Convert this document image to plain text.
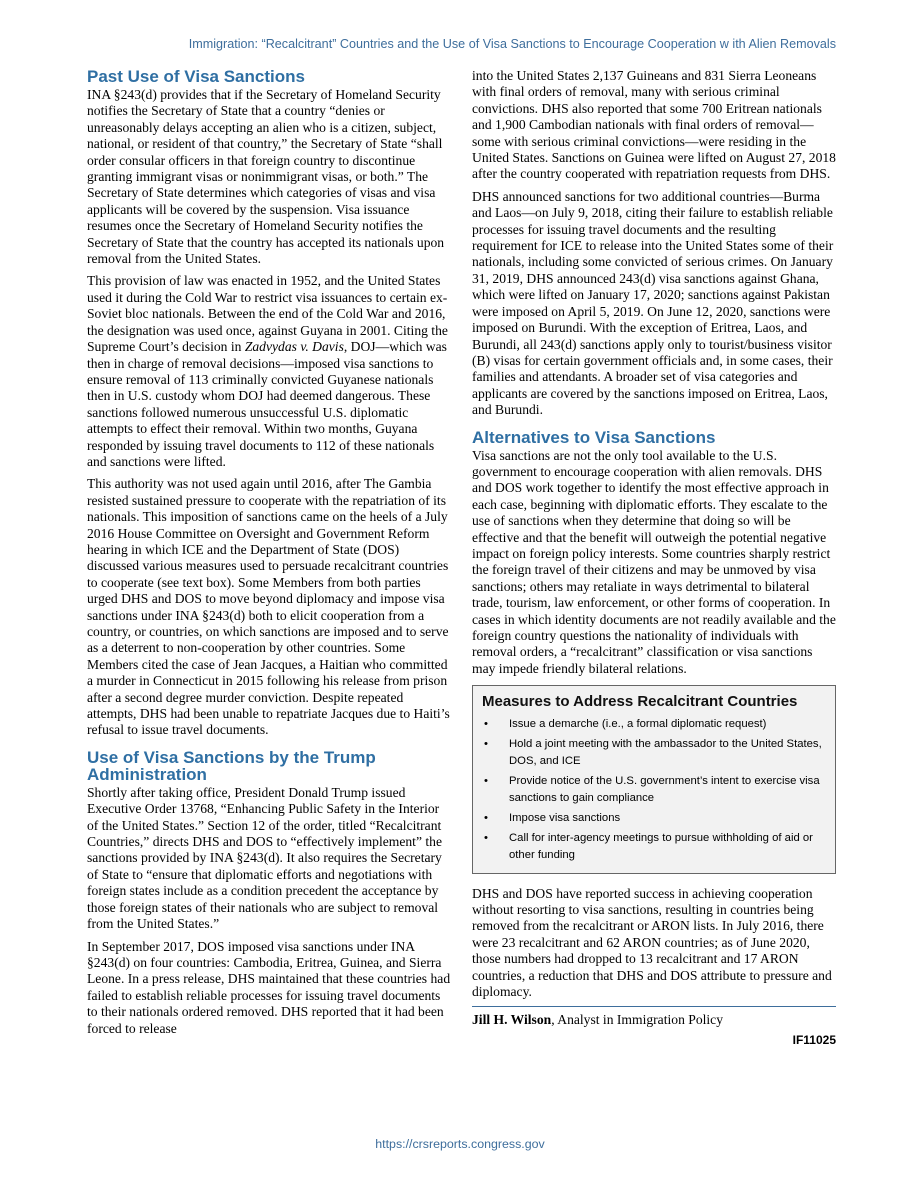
Immigration: “Recalcitrant” Countries and the Use of Visa Sanctions to Encourage Cooperation w ith Alien Removals
Past Use of Visa Sanctions

INA §243(d) provides that if the Secretary of Homeland Security notifies the Secretary of State that a country “denies or unreasonably delays accepting an alien who is a citizen, subject, national, or resident of that country,” the Secretary of State “shall order consular officers in that foreign country to discontinue granting immigrant visas or nonimmigrant visas, or both.” The Secretary of State determines which categories of visas and visa applicants will be covered by the suspension. Visa issuance resumes once the Secretary of Homeland Security notifies the Secretary of State that the country has accepted its nationals upon removal from the United States.

This provision of law was enacted in 1952, and the United States used it during the Cold War to restrict visa issuances to certain ex-Soviet bloc nationals. Between the end of the Cold War and 2016, the designation was used once, against Guyana in 2001. Citing the Supreme Court’s decision in Zadvydas v. Davis, DOJ—which was then in charge of removal decisions—imposed visa sanctions to ensure removal of 113 criminally convicted Guyanese nationals then in U.S. custody whom DOJ had deemed dangerous. These sanctions followed numerous unsuccessful U.S. diplomatic attempts to effect their removal. Within two months, Guyana responded by issuing travel documents to 112 of these nationals and sanctions were lifted.

This authority was not used again until 2016, after The Gambia resisted sustained pressure to cooperate with the repatriation of its nationals. This imposition of sanctions came on the heels of a July 2016 House Committee on Oversight and Government Reform hearing in which ICE and the Department of State (DOS) discussed various measures used to persuade recalcitrant countries to cooperate (see text box). Some Members from both parties urged DHS and DOS to move beyond diplomacy and impose visa sanctions under INA §243(d) both to elicit cooperation from a country, or countries, on which sanctions are imposed and to serve as a deterrent to non-cooperation by other countries. Some Members cited the case of Jean Jacques, a Haitian who committed a murder in Connecticut in 2015 following his release from prison after a second degree murder conviction. Despite repeated attempts, DHS had been unable to repatriate Jacques due to Haiti’s refusal to issue travel documents.

Use of Visa Sanctions by the Trump Administration

Shortly after taking office, President Donald Trump issued Executive Order 13768, “Enhancing Public Safety in the Interior of the United States.” Section 12 of the order, titled “Recalcitrant Countries,” directs DHS and DOS to “effectively implement” the sanctions provided by INA §243(d). It also requires the Secretary of State to “ensure that diplomatic efforts and negotiations with foreign states include as a condition precedent the acceptance by those foreign states of their nationals who are subject to removal from the United States.”

In September 2017, DOS imposed visa sanctions under INA §243(d) on four countries: Cambodia, Eritrea, Guinea, and Sierra Leone. In a press release, DHS maintained that these countries had failed to establish reliable processes for issuing travel documents to their nationals ordered removed. DHS reported that it had been forced to release

into the United States 2,137 Guineans and 831 Sierra Leoneans with final orders of removal, many with serious criminal convictions. DHS also reported that some 700 Eritrean nationals and 1,900 Cambodian nationals with final orders of removal—some with serious criminal convictions—were residing in the United States. Sanctions on Guinea were lifted on August 27, 2018 after the country cooperated with repatriation requests from DHS.

DHS announced sanctions for two additional countries—Burma and Laos—on July 9, 2018, citing their failure to establish reliable processes for issuing travel documents and the resulting requirement for ICE to release into the United States some of their nationals, including some convicted of serious crimes. On January 31, 2019, DHS announced 243(d) visa sanctions against Ghana, which were lifted on January 17, 2020; sanctions against Pakistan were imposed on April 5, 2019. On June 12, 2020, sanctions were imposed on Burundi. With the exception of Eritrea, Laos, and Burundi, all 243(d) sanctions apply only to tourist/business visitor (B) visas for certain government officials and, in some cases, their families and attendants. A broader set of visa categories and applicants are covered by the sanctions imposed on Eritrea, Laos, and Burundi.

Alternatives to Visa Sanctions

Visa sanctions are not the only tool available to the U.S. government to encourage cooperation with alien removals. DHS and DOS work together to identify the most effective approach in each case, beginning with diplomatic efforts. They escalate to the use of sanctions when they determine that doing so will be effective and that the benefit will outweigh the potential negative impact on foreign policy interests. Some countries sharply restrict the foreign travel of their citizens and may be unmoved by visa sanctions; others may retaliate in ways detrimental to bilateral trade, tourism, law enforcement, or other forms of cooperation. In cases in which identity documents are not readily available and the foreign country questions the nationality of individuals with removal orders, a “recalcitrant” classification or visa sanctions may impede friendly bilateral relations.

Measures to Address Recalcitrant Countries
• Issue a demarche (i.e., a formal diplomatic request)
• Hold a joint meeting with the ambassador to the United States, DOS, and ICE
• Provide notice of the U.S. government’s intent to exercise visa sanctions to gain compliance
• Impose visa sanctions
• Call for inter-agency meetings to pursue withholding of aid or other funding

DHS and DOS have reported success in achieving cooperation without resorting to visa sanctions, resulting in countries being removed from the recalcitrant or ARON lists. In July 2016, there were 23 recalcitrant and 62 ARON countries; as of June 2020, those numbers had dropped to 13 recalcitrant and 17 ARON countries, a reduction that DHS and DOS attribute to pressure and diplomacy.

Jill H. Wilson, Analyst in Immigration Policy
IF11025
https://crsreports.congress.gov
